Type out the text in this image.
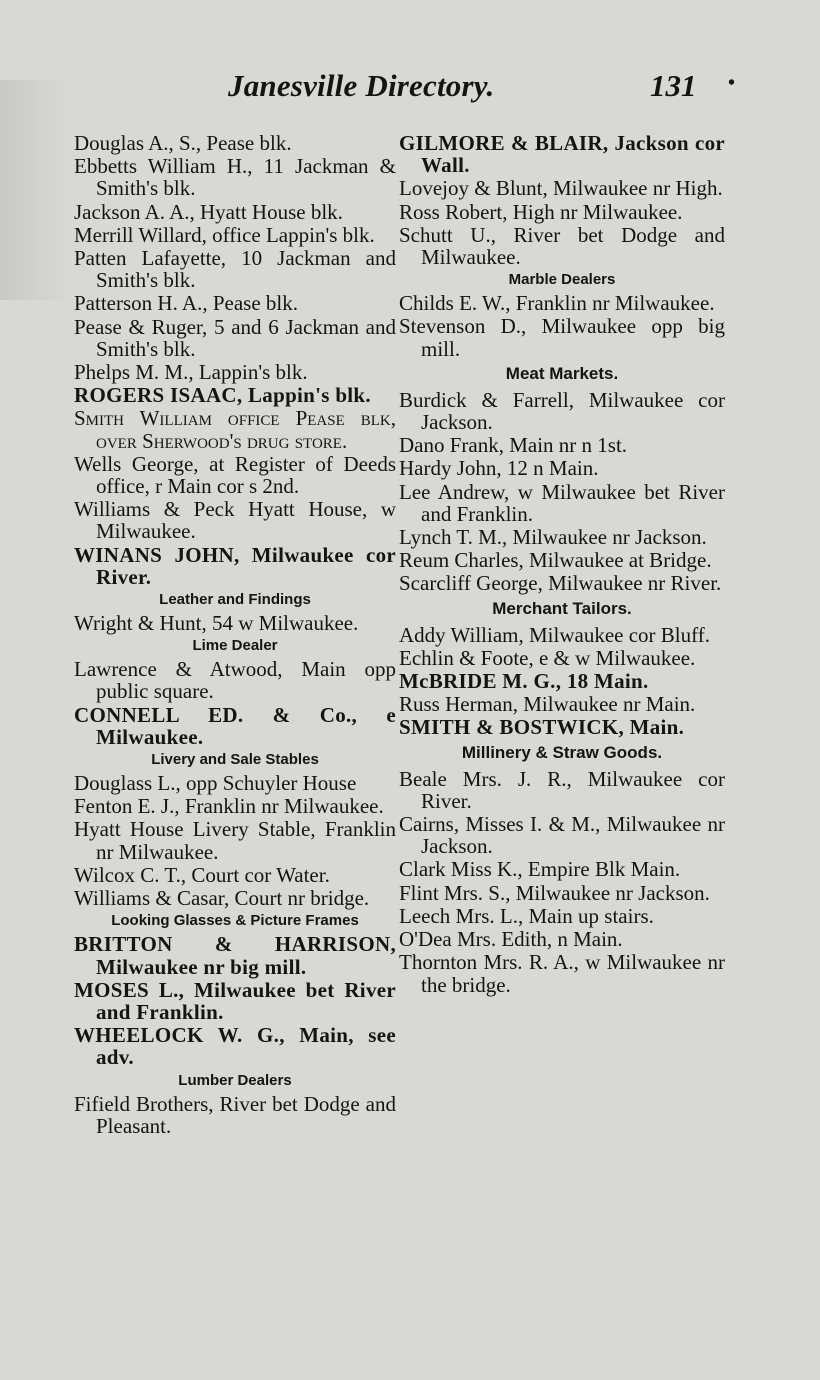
Janesville Directory.	131 •
Douglas A., S., Pease blk.
Ebbetts William H., 11 Jackman & Smith's blk.
Jackson A. A., Hyatt House blk.
Merrill Willard, office Lappin's blk.
Patten Lafayette, 10 Jackman and Smith's blk.
Patterson H. A., Pease blk.
Pease & Ruger, 5 and 6 Jackman and Smith's blk.
Phelps M. M., Lappin's blk.
ROGERS ISAAC, Lappin's blk.
Smith William office Pease blk, over Sherwood's drug store.
Wells George, at Register of Deeds office, r Main cor s 2nd.
Williams & Peck Hyatt House, w Milwaukee.
WINANS JOHN, Milwaukee cor River.
Leather and Findings
Wright & Hunt, 54 w Milwaukee.
Lime Dealer
Lawrence & Atwood, Main opp public square.
CONNELL ED. & Co., e Milwaukee.
Livery and Sale Stables
Douglass L., opp Schuyler House
Fenton E. J., Franklin nr Milwaukee.
Hyatt House Livery Stable, Franklin nr Milwaukee.
Wilcox C. T., Court cor Water.
Williams & Casar, Court nr bridge.
Looking Glasses & Picture Frames
BRITTON & HARRISON, Milwaukee nr big mill.
MOSES L., Milwaukee bet River and Franklin.
WHEELOCK W. G., Main, see adv.
Lumber Dealers
Fifield Brothers, River bet Dodge and Pleasant.
GILMORE & BLAIR, Jackson cor Wall.
Lovejoy & Blunt, Milwaukee nr High.
Ross Robert, High nr Milwaukee.
Schutt U., River bet Dodge and Milwaukee.
Marble Dealers
Childs E. W., Franklin nr Milwaukee.
Stevenson D., Milwaukee opp big mill.
Meat Markets.
Burdick & Farrell, Milwaukee cor Jackson.
Dano Frank, Main nr n 1st.
Hardy John, 12 n Main.
Lee Andrew, w Milwaukee bet River and Franklin.
Lynch T. M., Milwaukee nr Jackson.
Reum Charles, Milwaukee at Bridge.
Scarcliff George, Milwaukee nr River.
Merchant Tailors.
Addy William, Milwaukee cor Bluff.
Echlin & Foote, e & w Milwaukee.
McBRIDE M. G., 18 Main.
Russ Herman, Milwaukee nr Main.
SMITH & BOSTWICK, Main.
Millinery & Straw Goods.
Beale Mrs. J. R., Milwaukee cor River.
Cairns, Misses I. & M., Milwaukee nr Jackson.
Clark Miss K., Empire Blk Main.
Flint Mrs. S., Milwaukee nr Jackson.
Leech Mrs. L., Main up stairs.
O'Dea Mrs. Edith, n Main.
Thornton Mrs. R. A., w Milwaukee nr the bridge.
